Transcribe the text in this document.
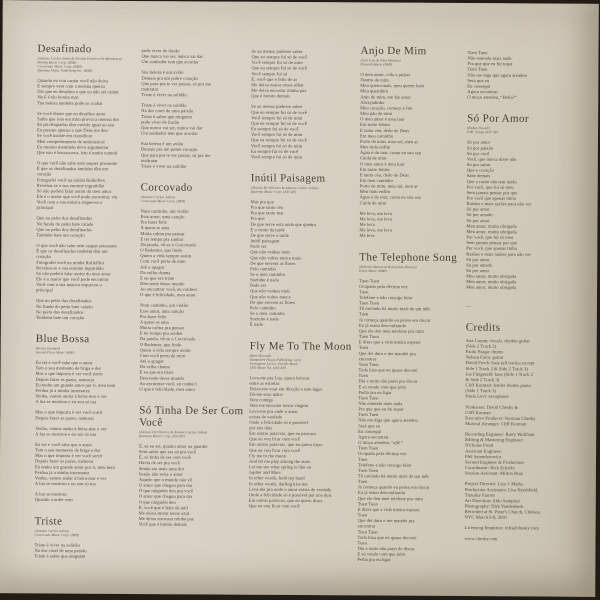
Desafinado
(Antonio Carlos Jobim & Newton Ferreira De Mendonça)
Bendig Music Corp. (BMI)
Corcovado Music Corp. (BMI)
Ipanema Music Publishing Inc. (BMI)
Quando eu vou cantar você não deixa
E sempre vem com a mesma queixa
Diz que eu desafino e que eu não sei cantar
Você é tão bonita mas
Tua beleza também pode se acabar
Se você disser que eu desafino amor
Saiba que isso em mim provoca imensa dor
Só privilegiados têm ouvido igual ao seu
Eu possuo apenas o que Deus me deu
Se você insiste em classificar
Meu comportamento de antimusical
Eu mesmo mentindo devo argumentar
Que isto é bossa-nova, isto é muito natural
O que você não sabe nem sequer pressente
É que os desafinados também têm um
coração
Fotografei você na minha Rolleiflex
Revelou-se a sua enorme ingratidão
Só não poderá falar assim do meu amor
Ele é o maior que você pode encontrar, viu
Você com a sua música esqueceu o
principal
Que no peito dos desafinados
No fundo do peito bate calado
Que no peito dos desafinados
Também bate um coração
O que você não sabe nem sequer pressente
É que os desafinados também têm um
coração
Fotografei você na minha Rolleiflex
Revelou-se a sua enorme ingratidão
Só não poderá falar assim do meu amor
Ele é o maior que você pode encontrar
Você com a sua música esqueceu o
principal
Que no peito dos desafinados
No fundo do peito bate calado
No peito dos desafinados
Também bate um coração
Blue Bossa
(Kenny Dorham)
Second Floor Music (BMI)
Eu sei e você sabe que o amor
Tem o seu momento de briga e dor
Mas o que importa é ver você sorrir
Depois fazer as pazes, namorar
Eu tenho um grande amor por ti, meu bem
Perdoa já a minha insensatez
Venha, vamos andar à beira-mar e ver
A lua se mostrou e eu sou só tua
Mas o que importa é ver você sorrir
Depois fazer as pazes, namorar
Venha, vamos andar à beira-mar e ver
A lua se mostrou e eu sou só tua
Eu sei e você sabe que o amor
Tem o seu momento de briga e dor
Mas o que importa é ver você sorrir
Depois fazer as pazes, namorar
Eu tenho um grande amor por ti, meu bem
Perdoa já a minha insensatez
Venha, vamos andar à beira-mar e ver
A lua se mostrou e eu sou só tua
A lua se mostrou
Quando a noite vem
Triste
(Antonio Carlos Jobim)
Corcovado Music Corp. (BMI)
Triste é viver na solidão
Na dor cruel de uma paixão
Triste é saber que ninguém
pode viver de ilusão
Que nunca vai ser, nunca vai dar
Um sonhador tem que acordar
Sua beleza é um avião
Demais pra um pobre coração
Que para pra te ver passar, só pra me
maltratar
Triste é viver na solidão
Triste é viver na solidão
Na dor cruel de uma paixão
Triste é saber que ninguém
pode viver de ilusão
Que nunca vai ser, nunca vai dar
Um sonhador tem que acordar
Sua beleza é um avião
Demais pra um pobre coração
Que para pra te ver passar, só pra me
maltratar
Triste é viver na solidão
Corcovado
(Antonio Carlos Jobim)
Corcovado Music Corp. (BMI)
Num cantinho, um violão
Esse amor, uma canção
Pra fazer feliz
A quem se ama
Muita calma pra pensar
E ter tempo pra sonhar
Da janela, vê-se o Corcovado
O Redentor, que lindo
Quero a vida sempre assim
Com você perto de mim
Até o apagar
Da velha chama
E eu que era triste
Descrente desse mundo
Ao encontrar você, eu conheci
O que é felicidade, meu amor
Num cantinho, um violão
Esse amor, uma canção
Pra fazer feliz
A quem se ama
Muita calma pra pensar
E ter tempo pra sonhar
Da janela, vê-se o Corcovado
O Redentor, que lindo
Quero a vida sempre assim
Com você perto de mim
Até o apagar
Da velha chama
E eu que era triste
Descrente desse mundo
Ao encontrar você, eu conheci
O que é felicidade, meu amor
Só Tinha De Ser Com Você
(Aloysio De Oliveira & Antonio Carlos Jobim)
Ipanema Music Corp. (ASCAP)
É, só eu sei, quanto amor eu guardei
Sem saber que era só pra você
É, só tinha de ser com você
Havia de ser pra você
Senão era mais uma dor
Senão não seria o amor
Aquele que o mundo não vê
O amor que chegou para dar
O que ninguém deu pra você
O amor que chegou para dar
O que ninguém deu
É, você que é feito de anil
Me deixa morar nesse azul
Me deixa encostar minha paz
Você que é bonito demais
Se ao menos pudesse saber
Que eu sempre fui só de você
Você sempre foi só de mim
Que eu sempre fui só de você
Você sempre foi só
É, você que é feito de ar
Me deixa morar nesse olhar
Me deixa encostar minha paz
Que é bonito demais
Se ao menos pudesse saber
Que eu sempre fui só de você
Você sempre foi só de mim
Que eu sempre fui só de você
Eu sempre fui só de você
Você sempre foi só de mim
Que eu sempre fui só de você
Você sempre foi só de mim
Eu sempre fui só de você
Você sempre foi só de mim
Inútil Paisagem
(Aloysio De Oliveira & Antonio Carlos Jobim)
Ipanema Music Corp. (ASCAP)
Mas pra que
Pra que tanto céu
Pra que tanto mar
Pra que
De que serve esta onda que quebra
E o vento da tarde
De que serve a tarde
Inútil paisagem
Pode ser
Que não venhas mais
Que não voltes nunca mais
De que servem as flores
Pelo caminho
Se o meu caminho
Sozinho é nada
Pode ser
Que não venhas mais
Que não voltes nunca
De que servem as flores
Pelo caminho
Se o meu caminho
Sozinho é nada
É nada
Fly Me To The Moon
(Bart Howard)
Hampshire House Publishing Corp.
Portuguese Lyrics: Pacific Music
TRO Music Ed. (ASCAP)
Leva-me pra Lua, quero brincar
entre as estrelas
Deixe-me voar em direção a este lugar
Dá-me suas mãos
Vem comigo
Vem me encostar nessa viagem
Leva-me pra onde o amor
exista de verdade
Onde a felicidade só é possível
por nós dois
Em outras palavras, que eu procuro
Que eu vou ficar com você
Em outras palavras, que eu quero dizer
Que eu vou ficar com você
Fly me to the moon
And let me play among the stars
Let me see what spring is like on
Jupiter and Mars
In other words, hold my hand
In other words, darling kiss me
Leva-me pra onde o amor exista de verdade
Onde a felicidade só é possível por nós dois
Em outras palavras, que eu quero dizer
Que eu vou ficar com você
Anjo De Mim
(Ivan Lins & Vitor Martins)
Dinorah Music (BMI)
O meu amor, vida a pulsar
Dentro de mim
Meu quero-mais, meu querer bem
Meu querubim
Anjo de mim, me faz amor
Abraçadinho
Meu coração, começo e fim
Meu pão de mim
O meu amor é meu luar
Em noite Jobim
E tanto céu, dedo de Deus
Em meu caminho
Porto de mim, meu sol, meu ar
Meu tudo enfim
Água é do mar, como eu sou seu
Cuida de mim
O meu amor é meu luar
Em noite Jobim
E tanto céu, dedo de Deus
Em meu caminho
Porto de mim, meu sol, meu ar
Meu tudo enfim
Água é do mar, como eu sou seu
Cuida de mim
Me leva, me leva
Me leva, me leva
Me leva
Me leva, me leva
Me leva
The Telephone Song
(Roberto Menescal & Ronaldo Bôscoli)
Essex Music (BMI)
Tuen Tuen
Ocupado pela décima vez
Tuen
Telefone e não consigo falar
Tuen Tuen
Tô ouvindo há muito mais de um mês
Tuen
Já começa quando eu penso em discar
Eu já estou desconfiando
Que ele deu meu telefone pra mim
Tuen Tuen
E dizer que a vida inteira esperei
Tuen
Que dei duro e me mandei pra
encontrar
Tuen Tuen
Toda lista que eu quase decorei
Tuen
Dia e noite não parei pra discar
E só vendo com que jeito
Pedia pra eu ligar
Tuen Tuen
Não entendo mais nada
Pra que que eu fui topar
Tuen Tuen
Não me diga que agora atendeu
Será que eu
Eu consegui
Agora encontrar
O moço atendeu, “alô!”
Tuen Tuen
Ocupado pela décima vez
Tuen
Telefone e não consigo falar
Tuen Tuen
Tô ouvindo há muito mais de um mês
Tuen
Já começa quando eu penso em discar
Eu já estou desconfiando
Que ele deu meu telefone pra mim
Tuen Tuen
E dizer que a vida inteira esperei
Tuen
Que dei duro e me mandei pra
encontrar
Tuen Tuen
Toda lista que eu quase decorei
Tuen
Dia e noite não parei de discar
E só vendo com que jeito
Pedia pra eu ligar
Tuen Tuen
Não entendo mais nada
Pra que que eu fui topar
Tuen Tuen
Não me diga que agora atendeu
Será que eu
Eu consegui
Agora encontrar
O moço atendeu, “Hello?”
Só Por Amor
(Baden Powell)
EMC Songs (ASCAP)
Só por amor
Só por paixão
Só por você
Você, que nunca disse não
Só por sabor
Que o coração
Sabe demais
Que a razão não tem razão
Por você, que foi só meu
Sem jamais pensar por que
Por você que apenas tinha
Razões e mais razões para não ver
Só por amor
Só por amado
Só por amar
Meu amor, muito obrigada
Meu amor, muito obrigada
Por você, que foi só meu
Sem jamais pensar por que
Por você, que apenas tinha
Razões e mais razões para não ver
Só por amor
Só por amado
Só por amar
Meu amor, muito obrigada
Meu amor, muito obrigada
Meu amor, muito obrigada
—
Credits
Ana Caram: vocals, rhythm guitar
(Side 2 Track 2)
Paulo Braga: drums
Nelson Faria: guitar
David Finck: bass (all tracks; except
Side 1 Track 2 & Side 2 Track 3)
Joe Fitzgerald: bass (Side 1 Track 2
& Side 2 Track 3)
Cliff Korman: fender rhodes piano
(Side 1 Track 3)
Paulo Levi: saxophone
Producers: David Chesky &
Cliff Korman
Executive Producer: Norman Chesky
Musical Arranger: Cliff Korman
Recording Engineer: Barry Wolifson
Editing & Mastering Engineer:
Nicholas Prout
Assistant Engineer:
Phil Sztenderowicz
Second Engineer & Production
Coordinator: Rick Eckerle
Session Assistant: Milton Ruiz
Project Director: Lisa J. Marks
Production Assistants: Lisa Hershfield,
Timothy Parrott
Art Direction: Aldo Sampieri
Photography: Dirk Vandenberk
Recorded at St. Peter's Church, Chelsea,
NYC March 6-8, 2001
Licensing Enquiries: info@chesky.com
www.chesky.com
